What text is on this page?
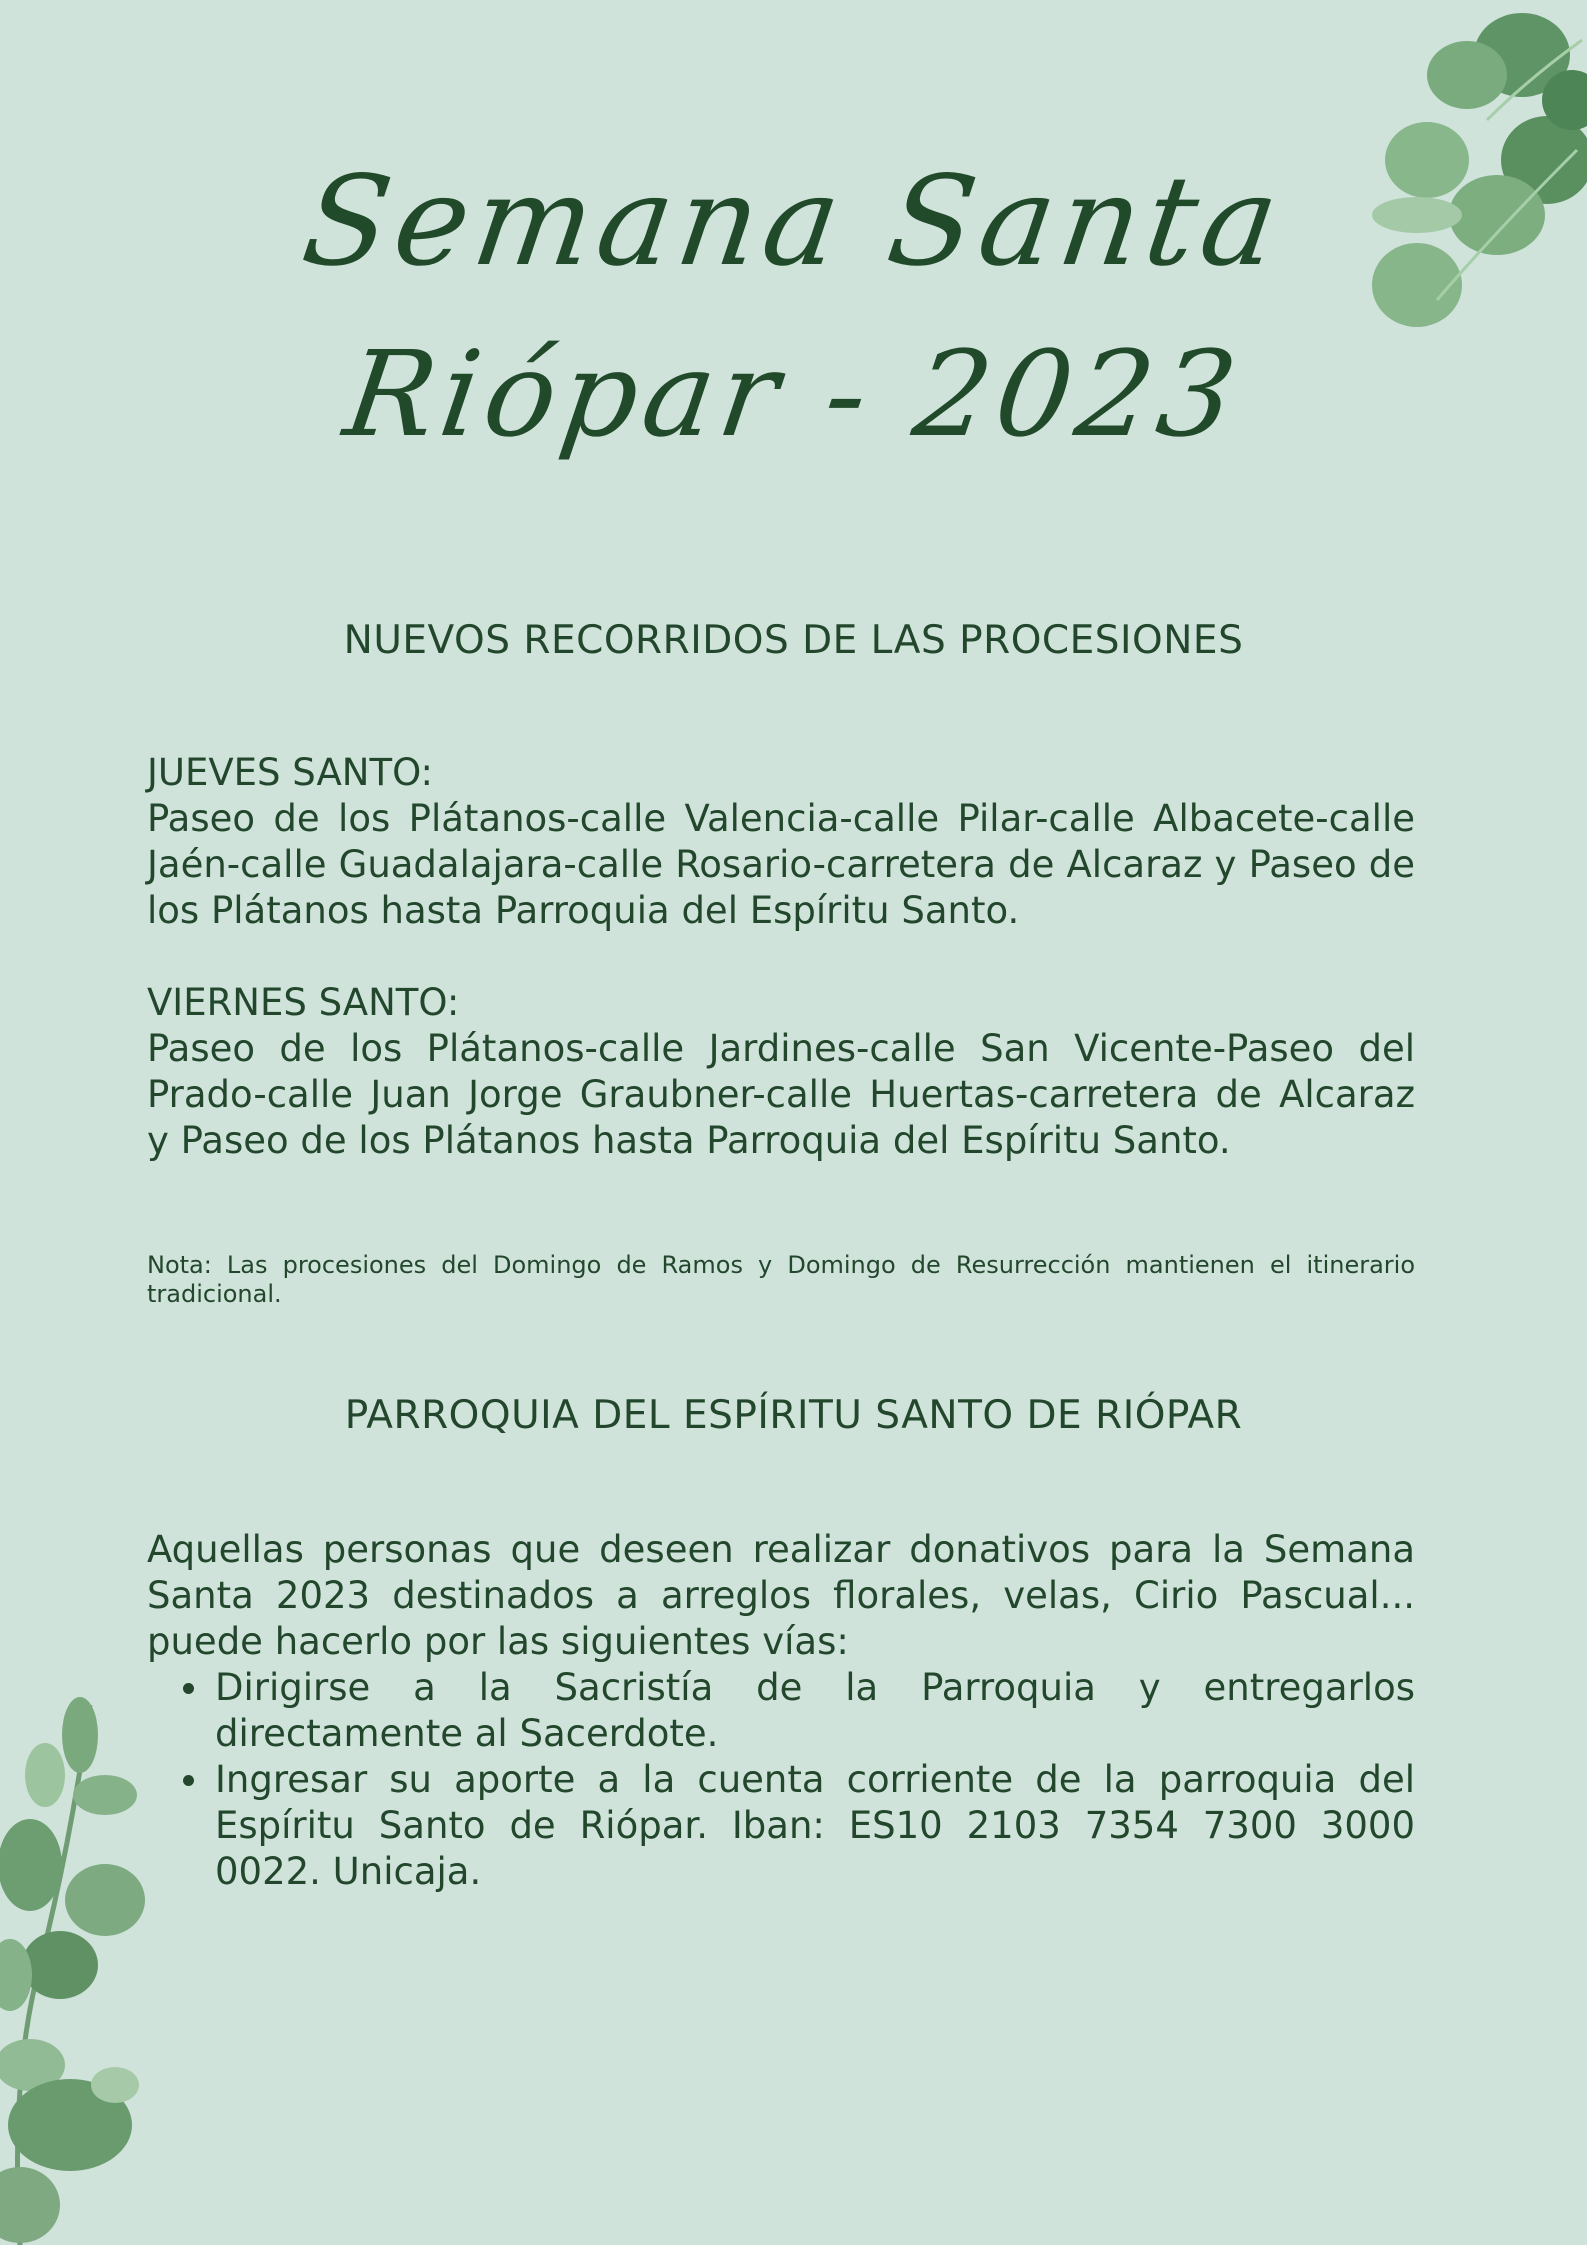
Semana Santa
Riópar - 2023
NUEVOS RECORRIDOS DE LAS PROCESIONES

JUEVES SANTO:

Paseo de los Plátanos-calle Valencia-calle Pilar-calle Albacete-calle Jaén-calle Guadalajara-calle Rosario-carretera de Alcaraz y Paseo de los Plátanos hasta Parroquia del Espíritu Santo.

VIERNES SANTO:

Paseo de los Plátanos-calle Jardines-calle San Vicente-Paseo del Prado-calle Juan Jorge Graubner-calle Huertas-carretera de Alcaraz y Paseo de los Plátanos hasta Parroquia del Espíritu Santo.

Nota: Las procesiones del Domingo de Ramos y Domingo de Resurrección mantienen el itinerario tradicional.

PARROQUIA DEL ESPÍRITU SANTO DE RIÓPAR

Aquellas personas que deseen realizar donativos para la Semana Santa 2023 destinados a arreglos florales, velas, Cirio Pascual... puede hacerlo por las siguientes vías:

Dirigirse a la Sacristía de la Parroquia y entregarlos directamente al Sacerdote.
Ingresar su aporte a la cuenta corriente de la parroquia del Espíritu Santo de Riópar. Iban: ES10 2103 7354 7300 3000 0022. Unicaja.
